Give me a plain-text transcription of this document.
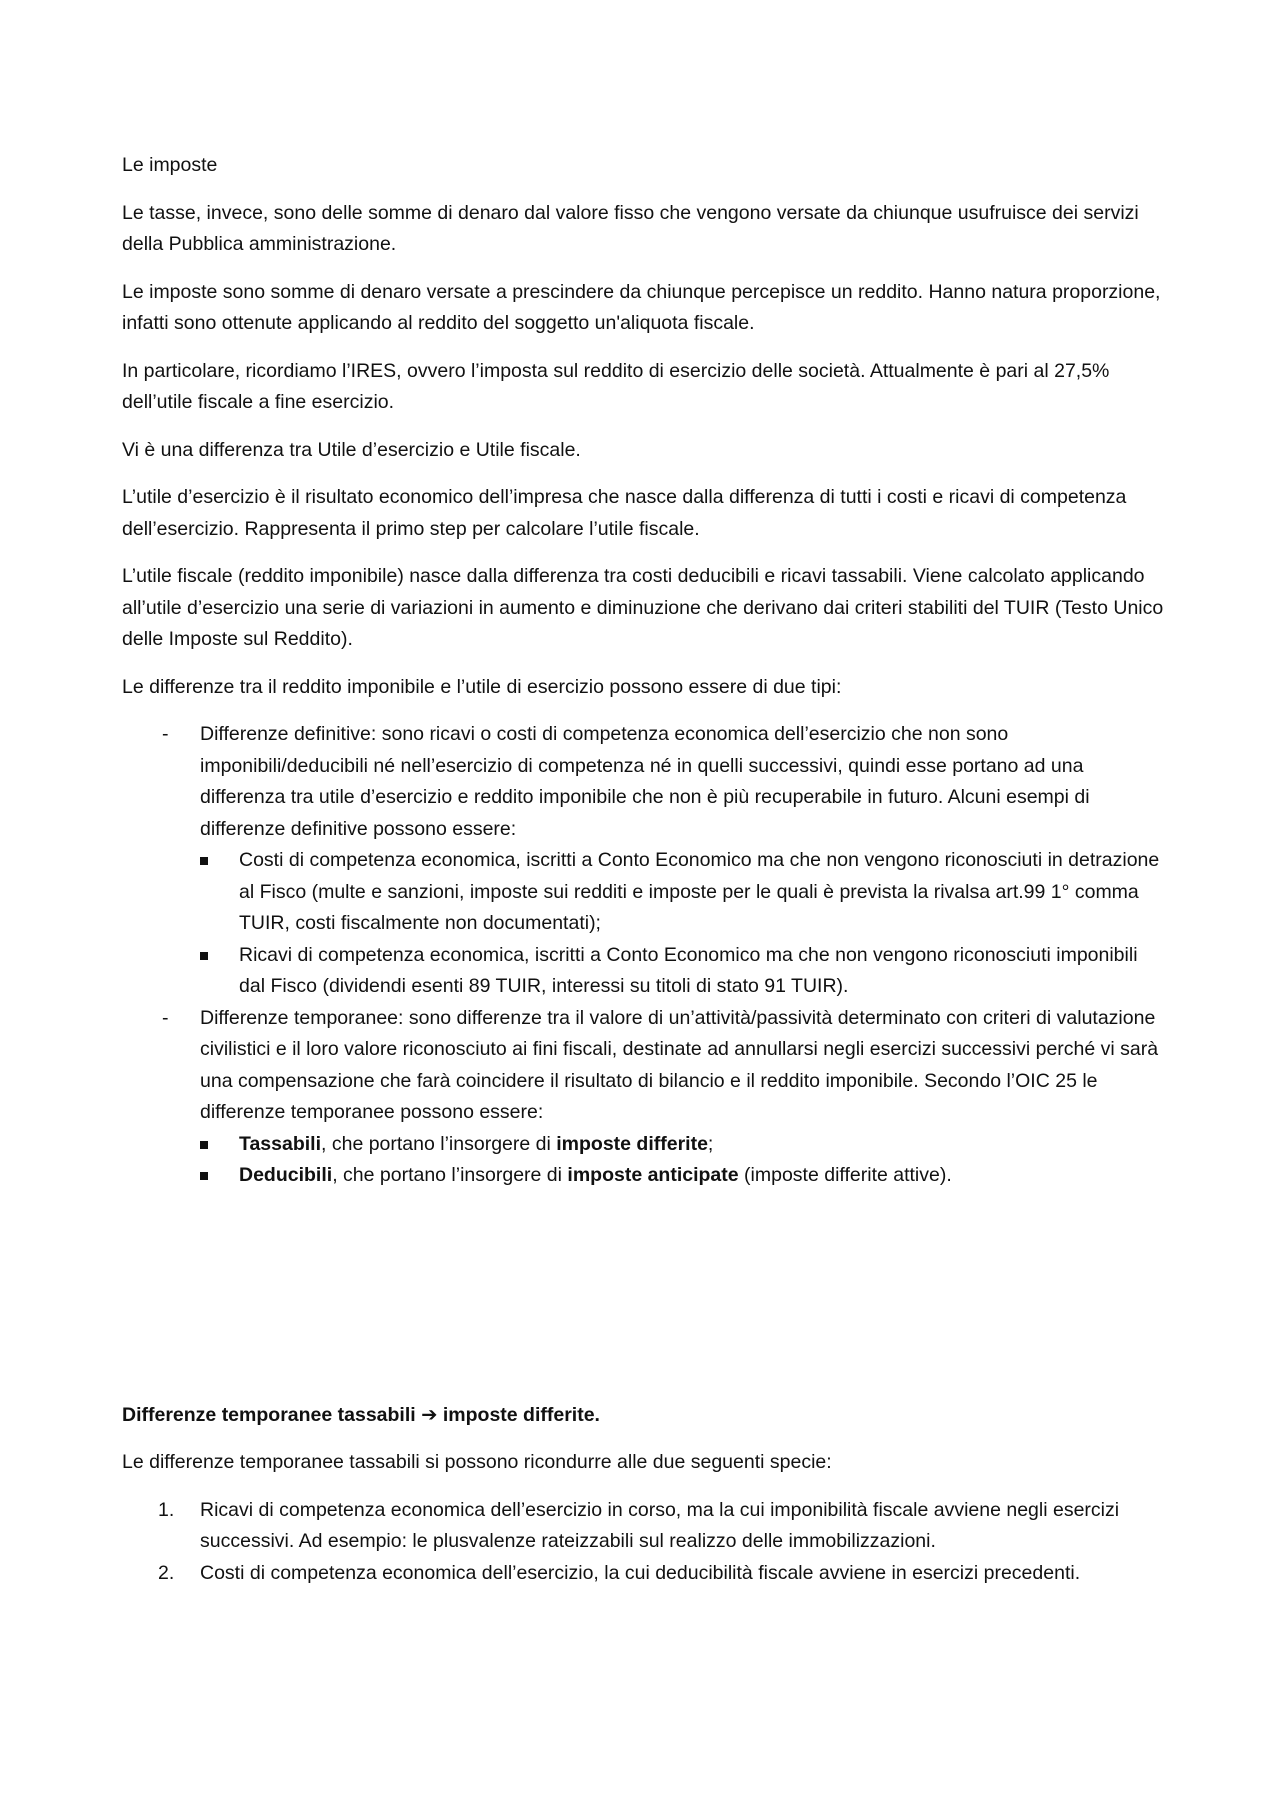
Le imposte

Le tasse, invece, sono delle somme di denaro dal valore fisso che vengono versate da chiunque usufruisce dei servizi della Pubblica amministrazione.

Le imposte sono somme di denaro versate a prescindere da chiunque percepisce un reddito. Hanno natura proporzione, infatti sono ottenute applicando al reddito del soggetto un'aliquota fiscale.

In particolare, ricordiamo l’IRES, ovvero l’imposta sul reddito di esercizio delle società. Attualmente è pari al 27,5% dell’utile fiscale a fine esercizio.

Vi è una differenza tra Utile d’esercizio e Utile fiscale.

L’utile d’esercizio è il risultato economico dell’impresa che nasce dalla differenza di tutti i costi e ricavi di competenza dell’esercizio. Rappresenta il primo step per calcolare l’utile fiscale.

L’utile fiscale (reddito imponibile) nasce dalla differenza tra costi deducibili e ricavi tassabili. Viene calcolato applicando all’utile d’esercizio una serie di variazioni in aumento e diminuzione che derivano dai criteri stabiliti del TUIR (Testo Unico delle Imposte sul Reddito).

Le differenze tra il reddito imponibile e l’utile di esercizio possono essere di due tipi:

- Differenze definitive: sono ricavi o costi di competenza economica dell’esercizio che non sono imponibili/deducibili né nell’esercizio di competenza né in quelli successivi, quindi esse portano ad una differenza tra utile d’esercizio e reddito imponibile che non è più recuperabile in futuro. Alcuni esempi di differenze definitive possono essere:
Costi di competenza economica, iscritti a Conto Economico ma che non vengono riconosciuti in detrazione al Fisco (multe e sanzioni, imposte sui redditi e imposte per le quali è prevista la rivalsa art.99 1° comma TUIR, costi fiscalmente non documentati);
Ricavi di competenza economica, iscritti a Conto Economico ma che non vengono riconosciuti imponibili dal Fisco (dividendi esenti 89 TUIR, interessi su titoli di stato 91 TUIR).
- Differenze temporanee: sono differenze tra il valore di un’attività/passività determinato con criteri di valutazione civilistici e il loro valore riconosciuto ai fini fiscali, destinate ad annullarsi negli esercizi successivi perché vi sarà una compensazione che farà coincidere il risultato di bilancio e il reddito imponibile. Secondo l’OIC 25 le differenze temporanee possono essere:
Tassabili, che portano l’insorgere di imposte differite;
Deducibili, che portano l’insorgere di imposte anticipate (imposte differite attive).

Differenze temporanee tassabili ➔ imposte differite.

Le differenze temporanee tassabili si possono ricondurre alle due seguenti specie:

1. Ricavi di competenza economica dell’esercizio in corso, ma la cui imponibilità fiscale avviene negli esercizi successivi. Ad esempio: le plusvalenze rateizzabili sul realizzo delle immobilizzazioni.
2. Costi di competenza economica dell’esercizio, la cui deducibilità fiscale avviene in esercizi precedenti.
